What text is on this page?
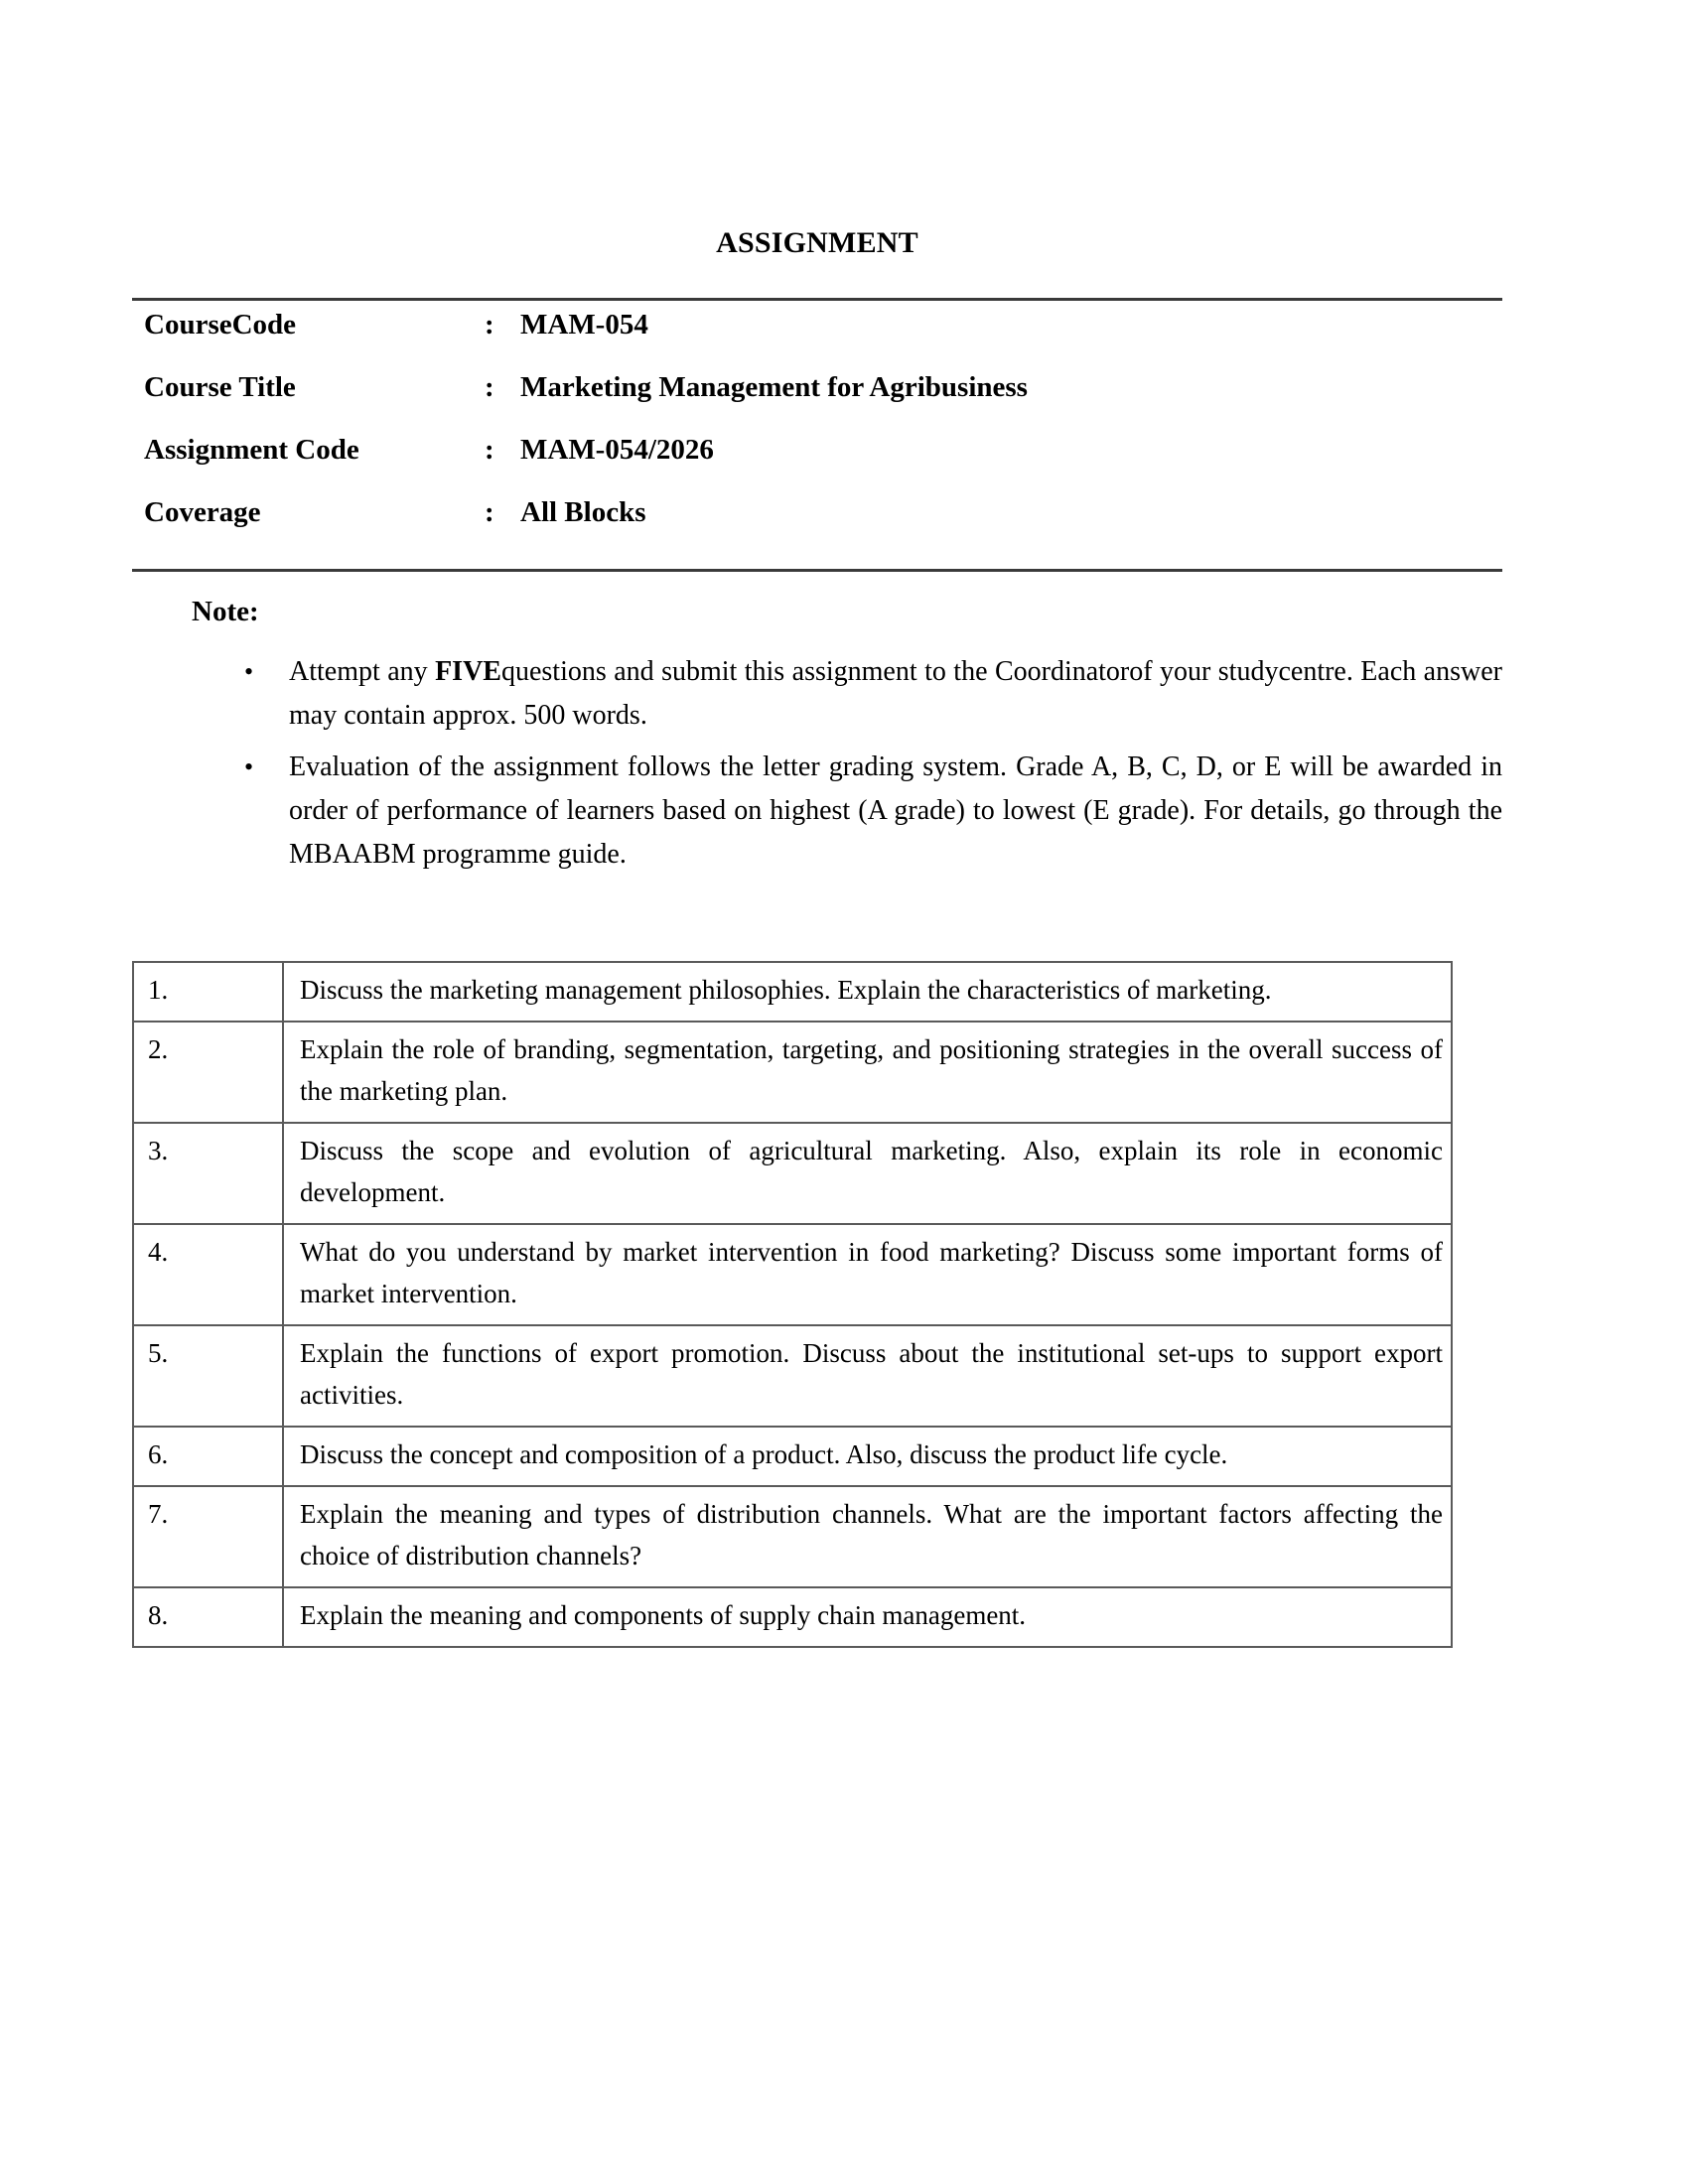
ASSIGNMENT
CourseCode	: MAM-054
Course Title	: Marketing Management for Agribusiness
Assignment Code	: MAM-054/2026
Coverage	: All Blocks
Note:
• Attempt any FIVEquestions and submit this assignment to the Coordinatorof your studycentre. Each answer may contain approx. 500 words.
• Evaluation of the assignment follows the letter grading system. Grade A, B, C, D, or E will be awarded in order of performance of learners based on highest (A grade) to lowest (E grade). For details, go through the MBAABM programme guide.
1.	Discuss the marketing management philosophies. Explain the characteristics of marketing.
2.	Explain the role of branding, segmentation, targeting, and positioning strategies in the overall success of the marketing plan.
3.	Discuss the scope and evolution of agricultural marketing. Also, explain its role in economic development.
4.	What do you understand by market intervention in food marketing? Discuss some important forms of market intervention.
5.	Explain the functions of export promotion. Discuss about the institutional set-ups to support export activities.
6.	Discuss the concept and composition of a product. Also, discuss the product life cycle.
7.	Explain the meaning and types of distribution channels. What are the important factors affecting the choice of distribution channels?
8.	Explain the meaning and components of supply chain management.
